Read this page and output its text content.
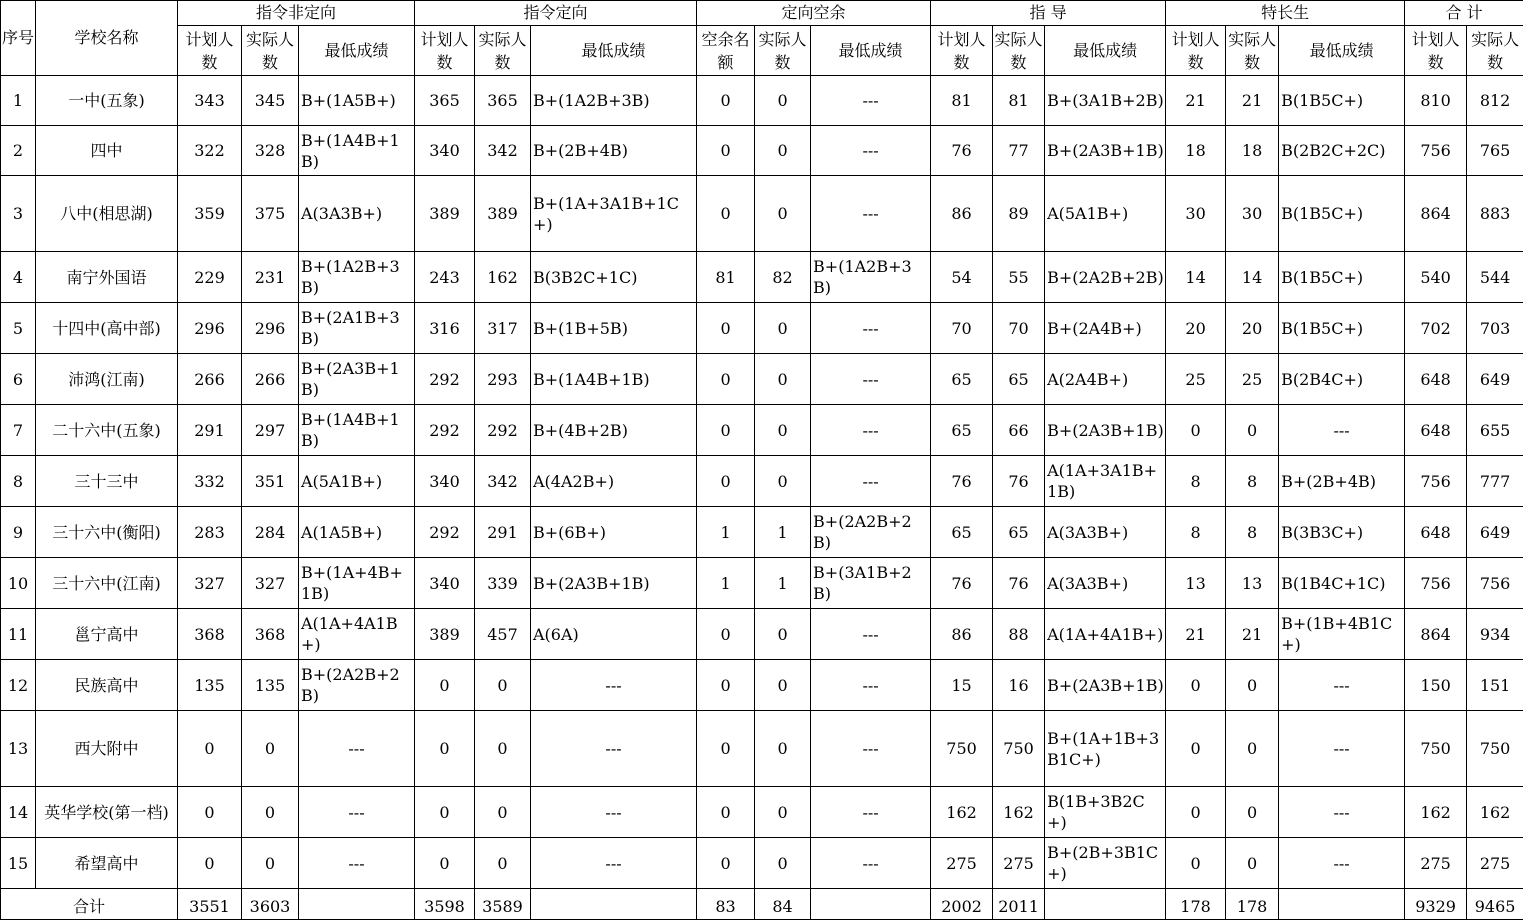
序号	学校名称	指令非定向			指令定向			定向空余			指 导			特长生			合 计	
		计划人数	实际人数	最低成绩	计划人数	实际人数	最低成绩	空余名额	实际人数	最低成绩	计划人数	实际人数	最低成绩	计划人数	实际人数	最低成绩	计划人数	实际人数
1	一中(五象)	343	345	B+(1A5B+)	365	365	B+(1A2B+3B)	0	0	---	81	81	B+(3A1B+2B)	21	21	B(1B5C+)	810	812
2	四中	322	328	B+(1A4B+1B)	340	342	B+(2B+4B)	0	0	---	76	77	B+(2A3B+1B)	18	18	B(2B2C+2C)	756	765
3	八中(相思湖)	359	375	A(3A3B+)	389	389	B+(1A+3A1B+1C+)	0	0	---	86	89	A(5A1B+)	30	30	B(1B5C+)	864	883
4	南宁外国语	229	231	B+(1A2B+3B)	243	162	B(3B2C+1C)	81	82	B+(1A2B+3B)	54	55	B+(2A2B+2B)	14	14	B(1B5C+)	540	544
5	十四中(高中部)	296	296	B+(2A1B+3B)	316	317	B+(1B+5B)	0	0	---	70	70	B+(2A4B+)	20	20	B(1B5C+)	702	703
6	沛鸿(江南)	266	266	B+(2A3B+1B)	292	293	B+(1A4B+1B)	0	0	---	65	65	A(2A4B+)	25	25	B(2B4C+)	648	649
7	二十六中(五象)	291	297	B+(1A4B+1B)	292	292	B+(4B+2B)	0	0	---	65	66	B+(2A3B+1B)	0	0	---	648	655
8	三十三中	332	351	A(5A1B+)	340	342	A(4A2B+)	0	0	---	76	76	A(1A+3A1B+1B)	8	8	B+(2B+4B)	756	777
9	三十六中(衡阳)	283	284	A(1A5B+)	292	291	B+(6B+)	1	1	B+(2A2B+2B)	65	65	A(3A3B+)	8	8	B(3B3C+)	648	649
10	三十六中(江南)	327	327	B+(1A+4B+1B)	340	339	B+(2A3B+1B)	1	1	B+(3A1B+2B)	76	76	A(3A3B+)	13	13	B(1B4C+1C)	756	756
11	邕宁高中	368	368	A(1A+4A1B+)	389	457	A(6A)	0	0	---	86	88	A(1A+4A1B+)	21	21	B+(1B+4B1C+)	864	934
12	民族高中	135	135	B+(2A2B+2B)	0	0	---	0	0	---	15	16	B+(2A3B+1B)	0	0	---	150	151
13	西大附中	0	0	---	0	0	---	0	0	---	750	750	B+(1A+1B+3B1C+)	0	0	---	750	750
14	英华学校(第一档)	0	0	---	0	0	---	0	0	---	162	162	B(1B+3B2C+)	0	0	---	162	162
15	希望高中	0	0	---	0	0	---	0	0	---	275	275	B+(2B+3B1C+)	0	0	---	275	275
合计		3551	3603		3598	3589		83	84		2002	2011		178	178		9329	9465
